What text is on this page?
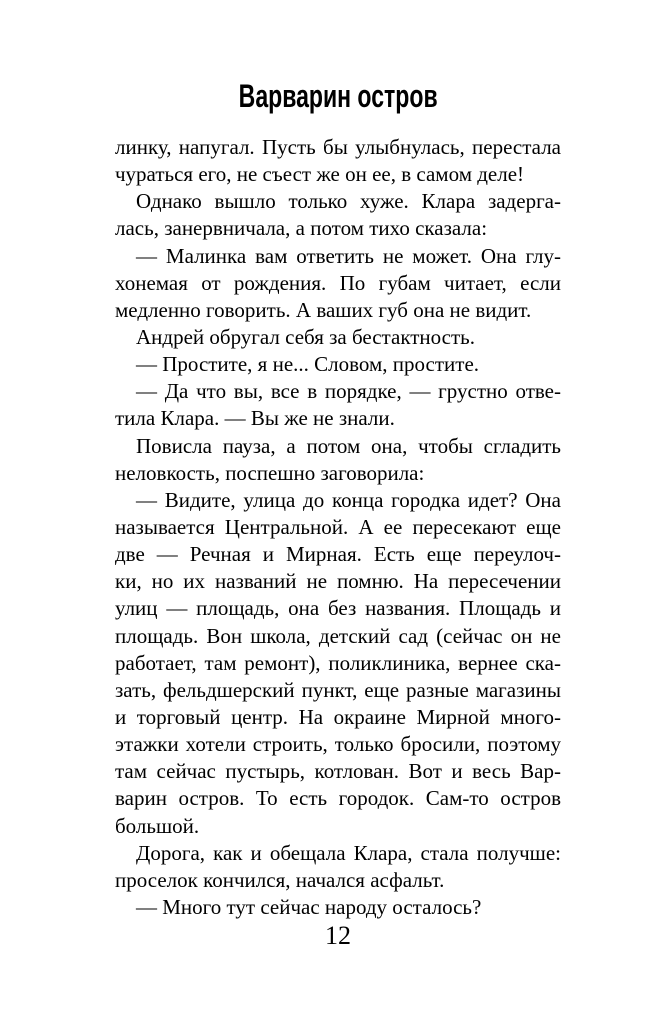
Варварин остров
линку, напугал. Пусть бы улыбнулась, перестала
чураться его, не съест же он ее, в самом деле!
Однако вышло только хуже. Клара задерга-
лась, занервничала, а потом тихо сказала:
— Малинка вам ответить не может. Она глу-
хонемая от рождения. По губам читает, если
медленно говорить. А ваших губ она не видит.
Андрей обругал себя за бестактность.
— Простите, я не... Словом, простите.
— Да что вы, все в порядке, — грустно отве-
тила Клара. — Вы же не знали.
Повисла пауза, а потом она, чтобы сгладить
неловкость, поспешно заговорила:
— Видите, улица до конца городка идет? Она
называется Центральной. А ее пересекают еще
две — Речная и Мирная. Есть еще переулоч-
ки, но их названий не помню. На пересечении
улиц — площадь, она без названия. Площадь и
площадь. Вон школа, детский сад (сейчас он не
работает, там ремонт), поликлиника, вернее ска-
зать, фельдшерский пункт, еще разные магазины
и торговый центр. На окраине Мирной много-
этажки хотели строить, только бросили, поэтому
там сейчас пустырь, котлован. Вот и весь Вар-
варин остров. То есть городок. Сам-то остров
большой.
Дорога, как и обещала Клара, стала получше:
проселок кончился, начался асфальт.
— Много тут сейчас народу осталось?
12
